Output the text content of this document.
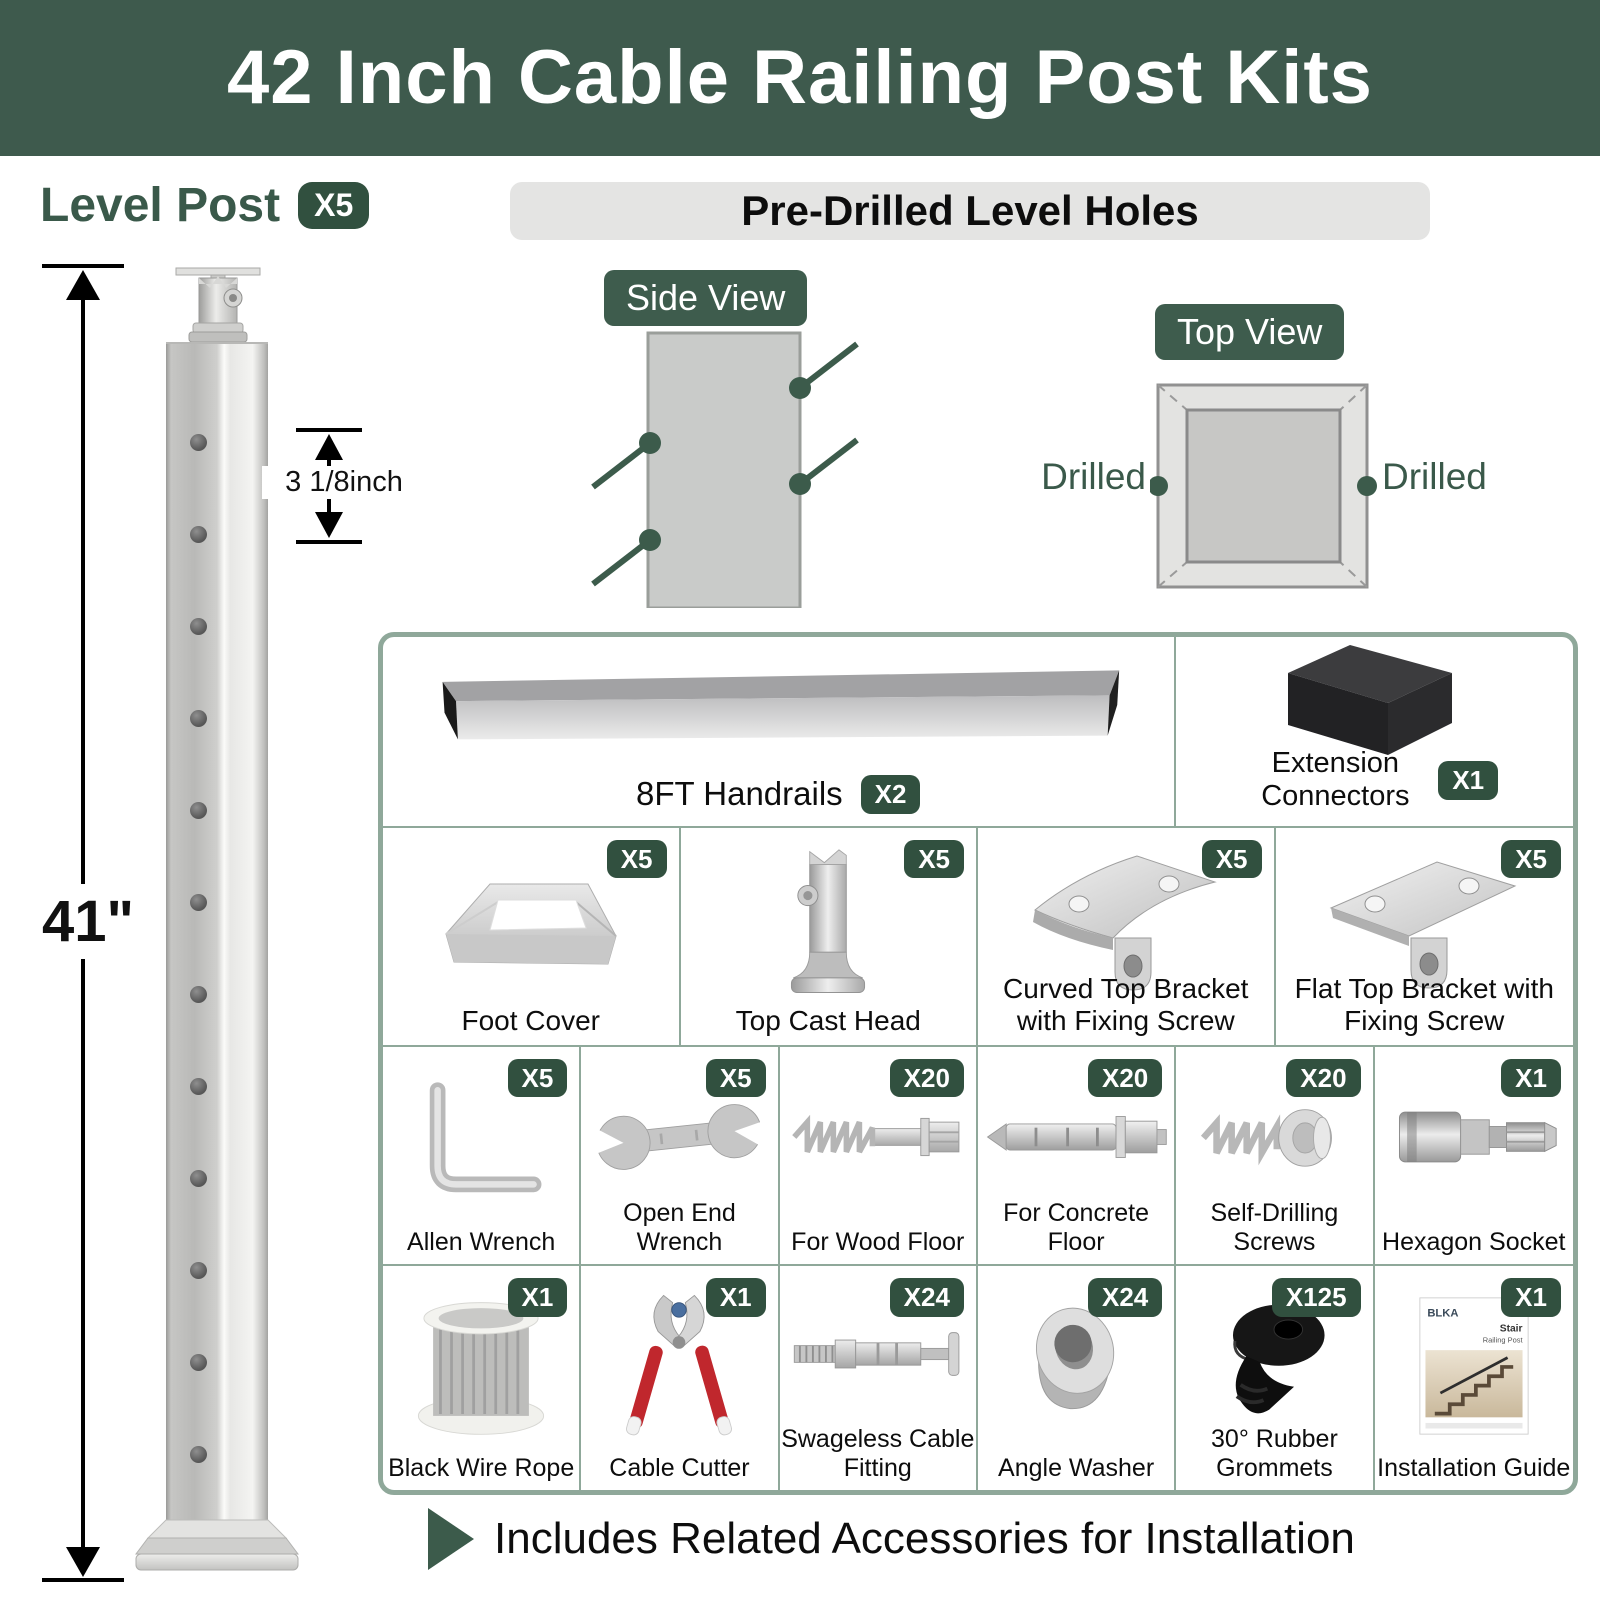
42 Inch Cable Railing Post Kits
Level Post	X5
41"
3 1/8inch
Pre-Drilled Level Holes
Side View
Top View
Drilled	Drilled
8FT Handrails	X2
Extension Connectors
X1
X5
Foot Cover
X5
Top Cast Head
X5
Curved Top Bracket with Fixing Screw
X5
Flat Top Bracket with Fixing Screw
X5
Allen Wrench
X5
Open End Wrench
X20
For Wood Floor
X20
For Concrete Floor
X20
Self-Drilling Screws
X1
Hexagon Socket
X1
Black Wire Rope
X1
Cable Cutter
X24
Swageless Cable Fitting
X24
Angle Washer
X125
30° Rubber Grommets
X1
BLKA
Stair
Railing Post
Installation Guide
Includes Related Accessories for Installation
